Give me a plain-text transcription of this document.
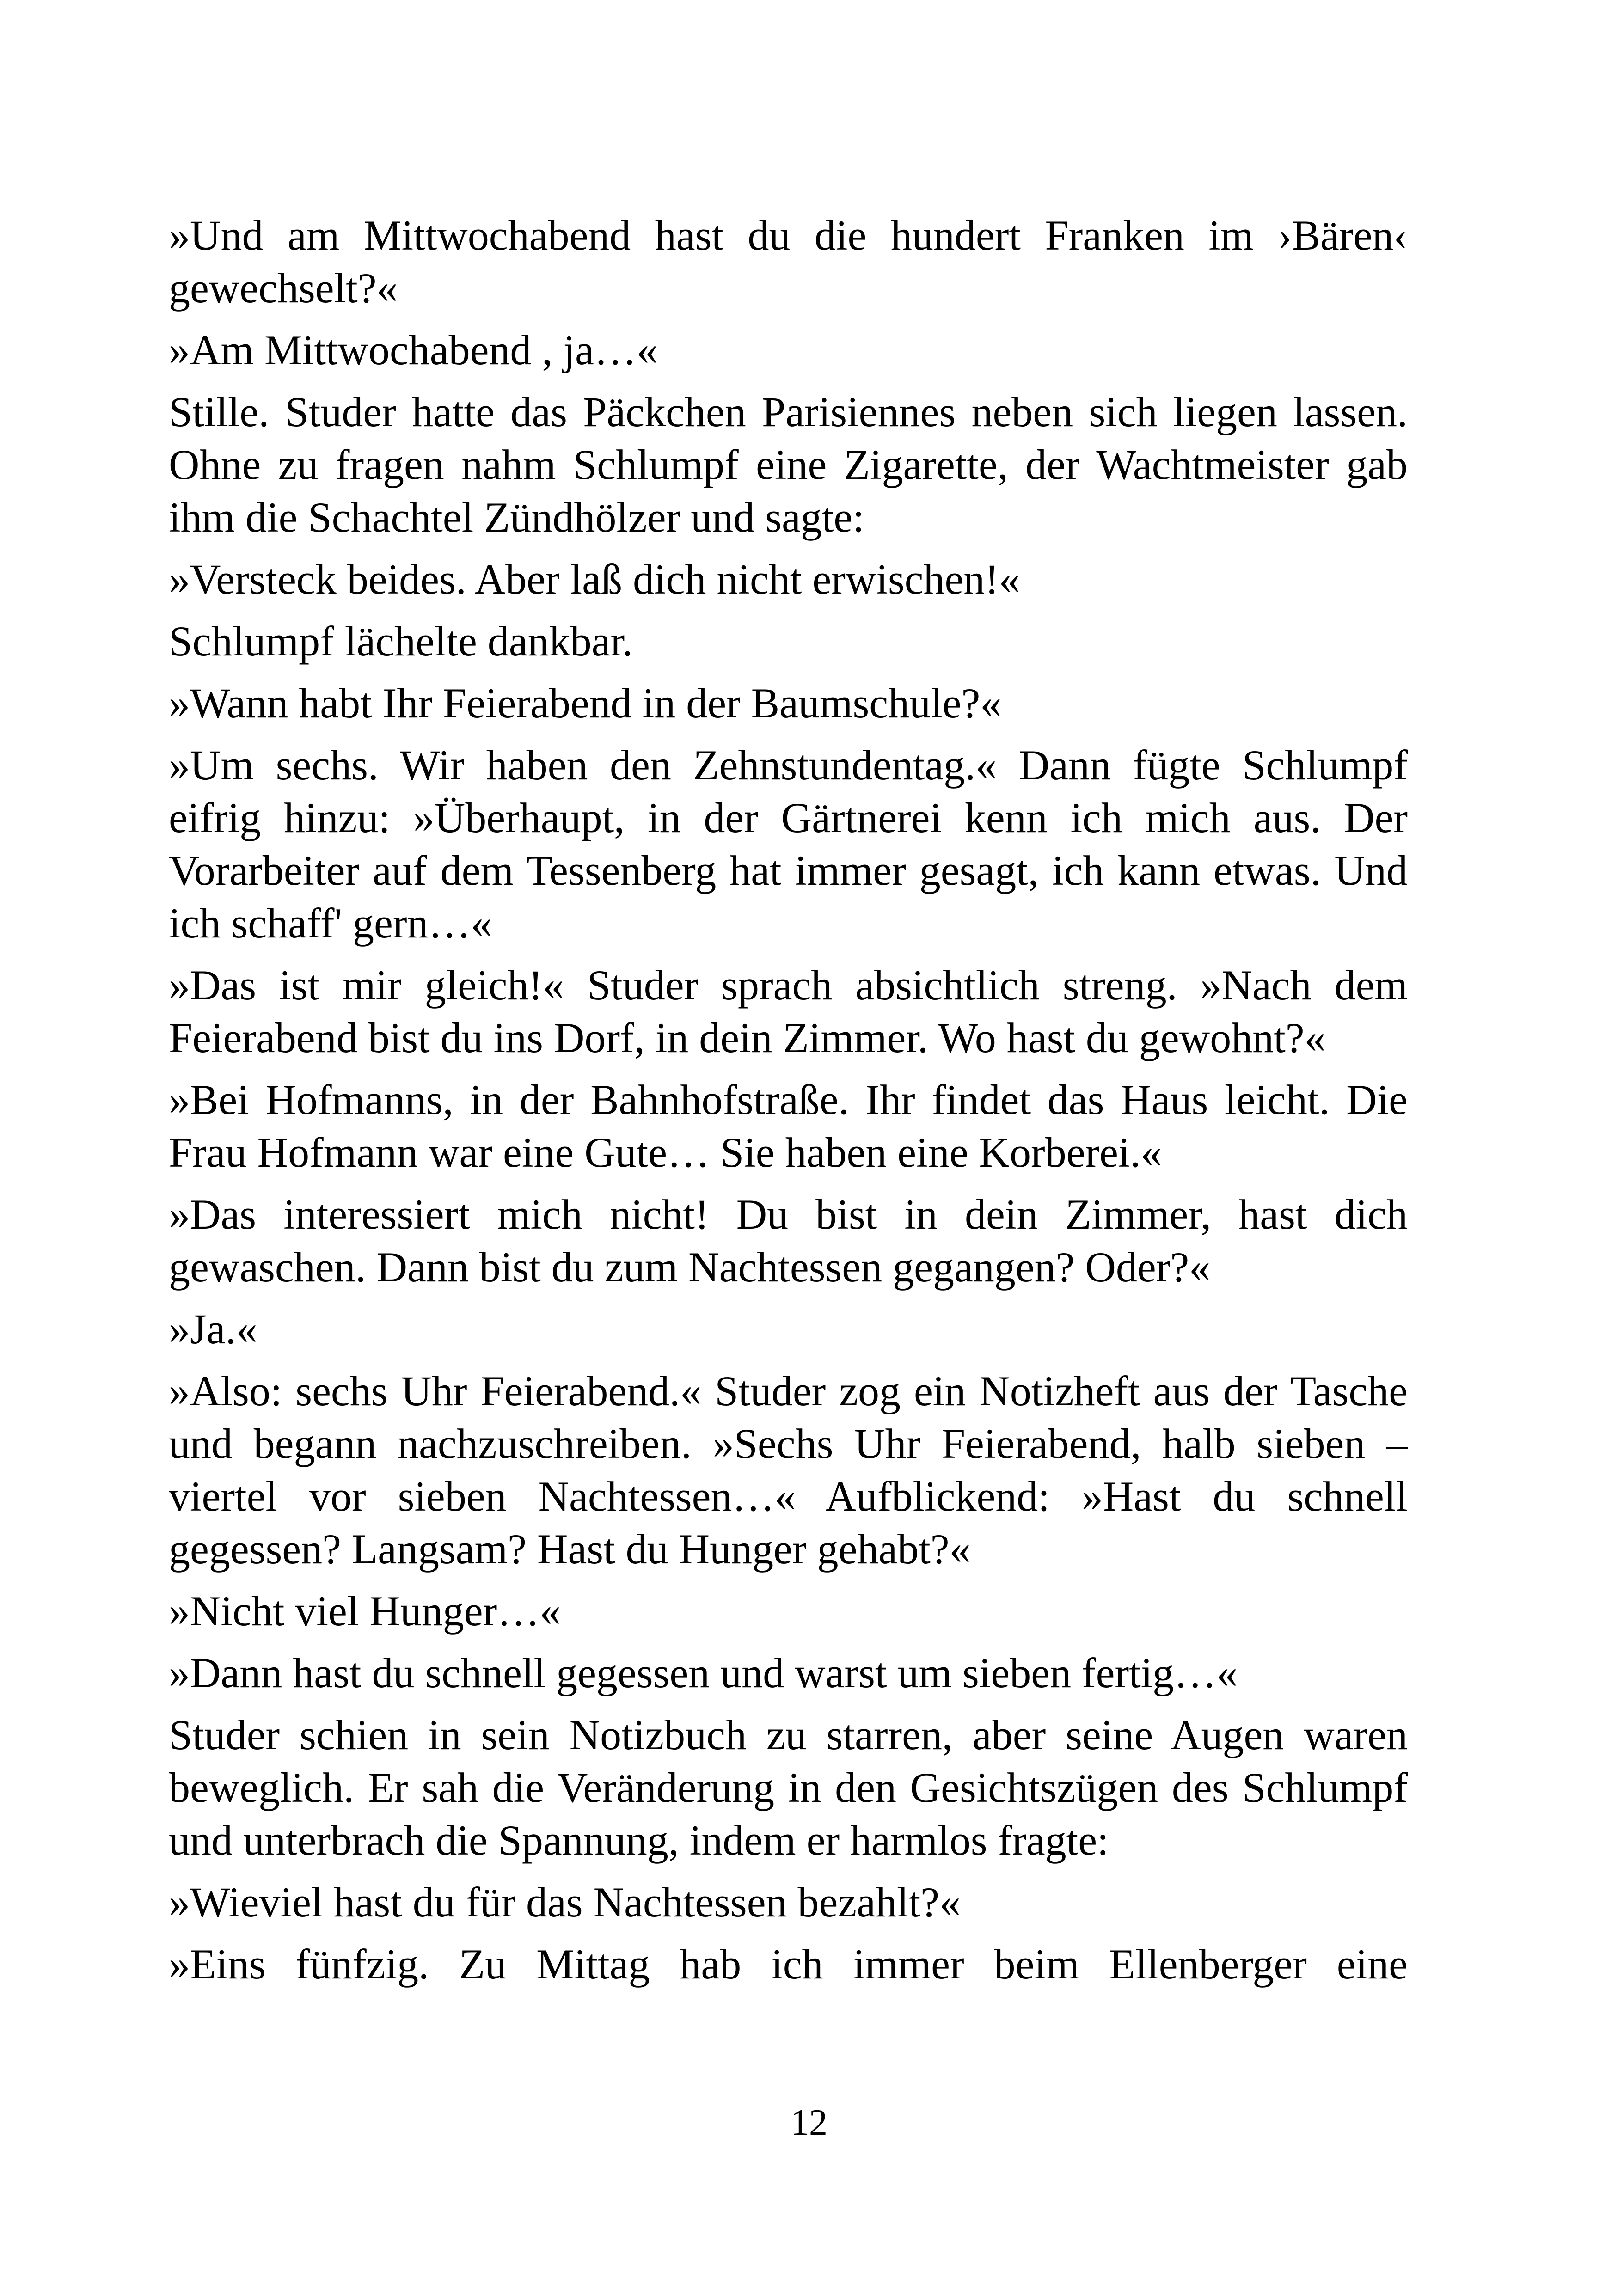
»Und am Mittwochabend hast du die hundert Franken im ›Bären‹ gewechselt?«

»Am Mittwochabend , ja…«

Stille. Studer hatte das Päckchen Parisiennes neben sich liegen lassen. Ohne zu fragen nahm Schlumpf eine Zigarette, der Wachtmeister gab ihm die Schachtel Zündhölzer und sagte:

»Versteck beides. Aber laß dich nicht erwischen!«

Schlumpf lächelte dankbar.

»Wann habt Ihr Feierabend in der Baumschule?«

»Um sechs. Wir haben den Zehnstundentag.« Dann fügte Schlumpf eifrig hinzu: »Überhaupt, in der Gärtnerei kenn ich mich aus. Der Vorarbeiter auf dem Tessenberg hat immer gesagt, ich kann etwas. Und ich schaff' gern…«

»Das ist mir gleich!« Studer sprach absichtlich streng. »Nach dem Feierabend bist du ins Dorf, in dein Zimmer. Wo hast du gewohnt?«

»Bei Hofmanns, in der Bahnhofstraße. Ihr findet das Haus leicht. Die Frau Hofmann war eine Gute… Sie haben eine Korberei.«

»Das interessiert mich nicht! Du bist in dein Zimmer, hast dich gewaschen. Dann bist du zum Nachtessen gegangen? Oder?«

»Ja.«

»Also: sechs Uhr Feierabend.« Studer zog ein Notizheft aus der Tasche und begann nachzuschreiben. »Sechs Uhr Feierabend, halb sieben – viertel vor sieben Nachtessen…« Aufblickend: »Hast du schnell gegessen? Langsam? Hast du Hunger gehabt?«

»Nicht viel Hunger…«

»Dann hast du schnell gegessen und warst um sieben fertig…«

Studer schien in sein Notizbuch zu starren, aber seine Augen waren beweglich. Er sah die Veränderung in den Gesichtszügen des Schlumpf und unterbrach die Spannung, indem er harmlos fragte:

»Wieviel hast du für das Nachtessen bezahlt?«

»Eins fünfzig. Zu Mittag hab ich immer beim Ellenberger eine

12
